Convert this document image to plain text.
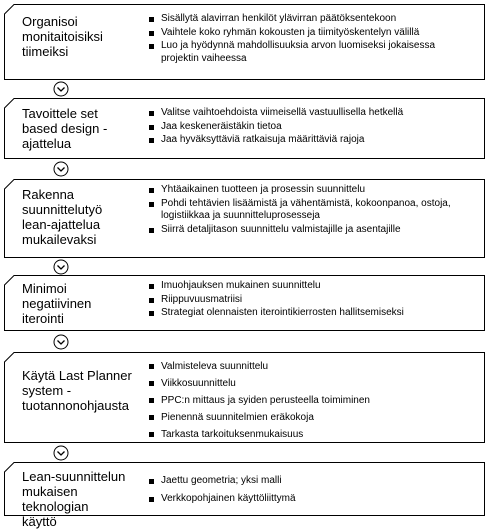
Organisoi
monitaitoisiksi
tiimeiksi
Sisällytä alavirran henkilöt ylävirran päätöksentekoon
Vaihtele koko ryhmän kokousten ja tiimityöskentelyn välillä
Luo ja hyödynnä mahdollisuuksia arvon luomiseksi jokaisessa projektin vaiheessa
Tavoittele set
based design -
ajattelua
Valitse vaihtoehdoista viimeisellä vastuullisella hetkellä
Jaa keskeneräistäkin tietoa
Jaa hyväksyttäviä ratkaisuja määrittäviä rajoja
Rakenna
suunnittelutyö
lean-ajattelua
mukailevaksi
Yhtäaikainen tuotteen ja prosessin suunnittelu
Pohdi tehtävien lisäämistä ja vähentämistä, kokoonpanoa, ostoja, logistiikkaa ja suunnitteluprosesseja
Siirrä detaljitason suunnittelu valmistajille ja asentajille
Minimoi
negatiivinen
iterointi
Imuohjauksen mukainen suunnittelu
Riippuvuusmatriisi
Strategiat olennaisten iterointikierrosten hallitsemiseksi
Käytä Last Planner
system -
tuotannonohjausta
Valmisteleva suunnittelu
Viikkosuunnittelu
PPC:n mittaus ja syiden perusteella toimiminen
Pienennä suunnitelmien eräkokoja
Tarkasta tarkoituksenmukaisuus
Lean-suunnittelun
mukaisen teknologian
käyttö
Jaettu geometria; yksi malli
Verkkopohjainen käyttöliittymä
